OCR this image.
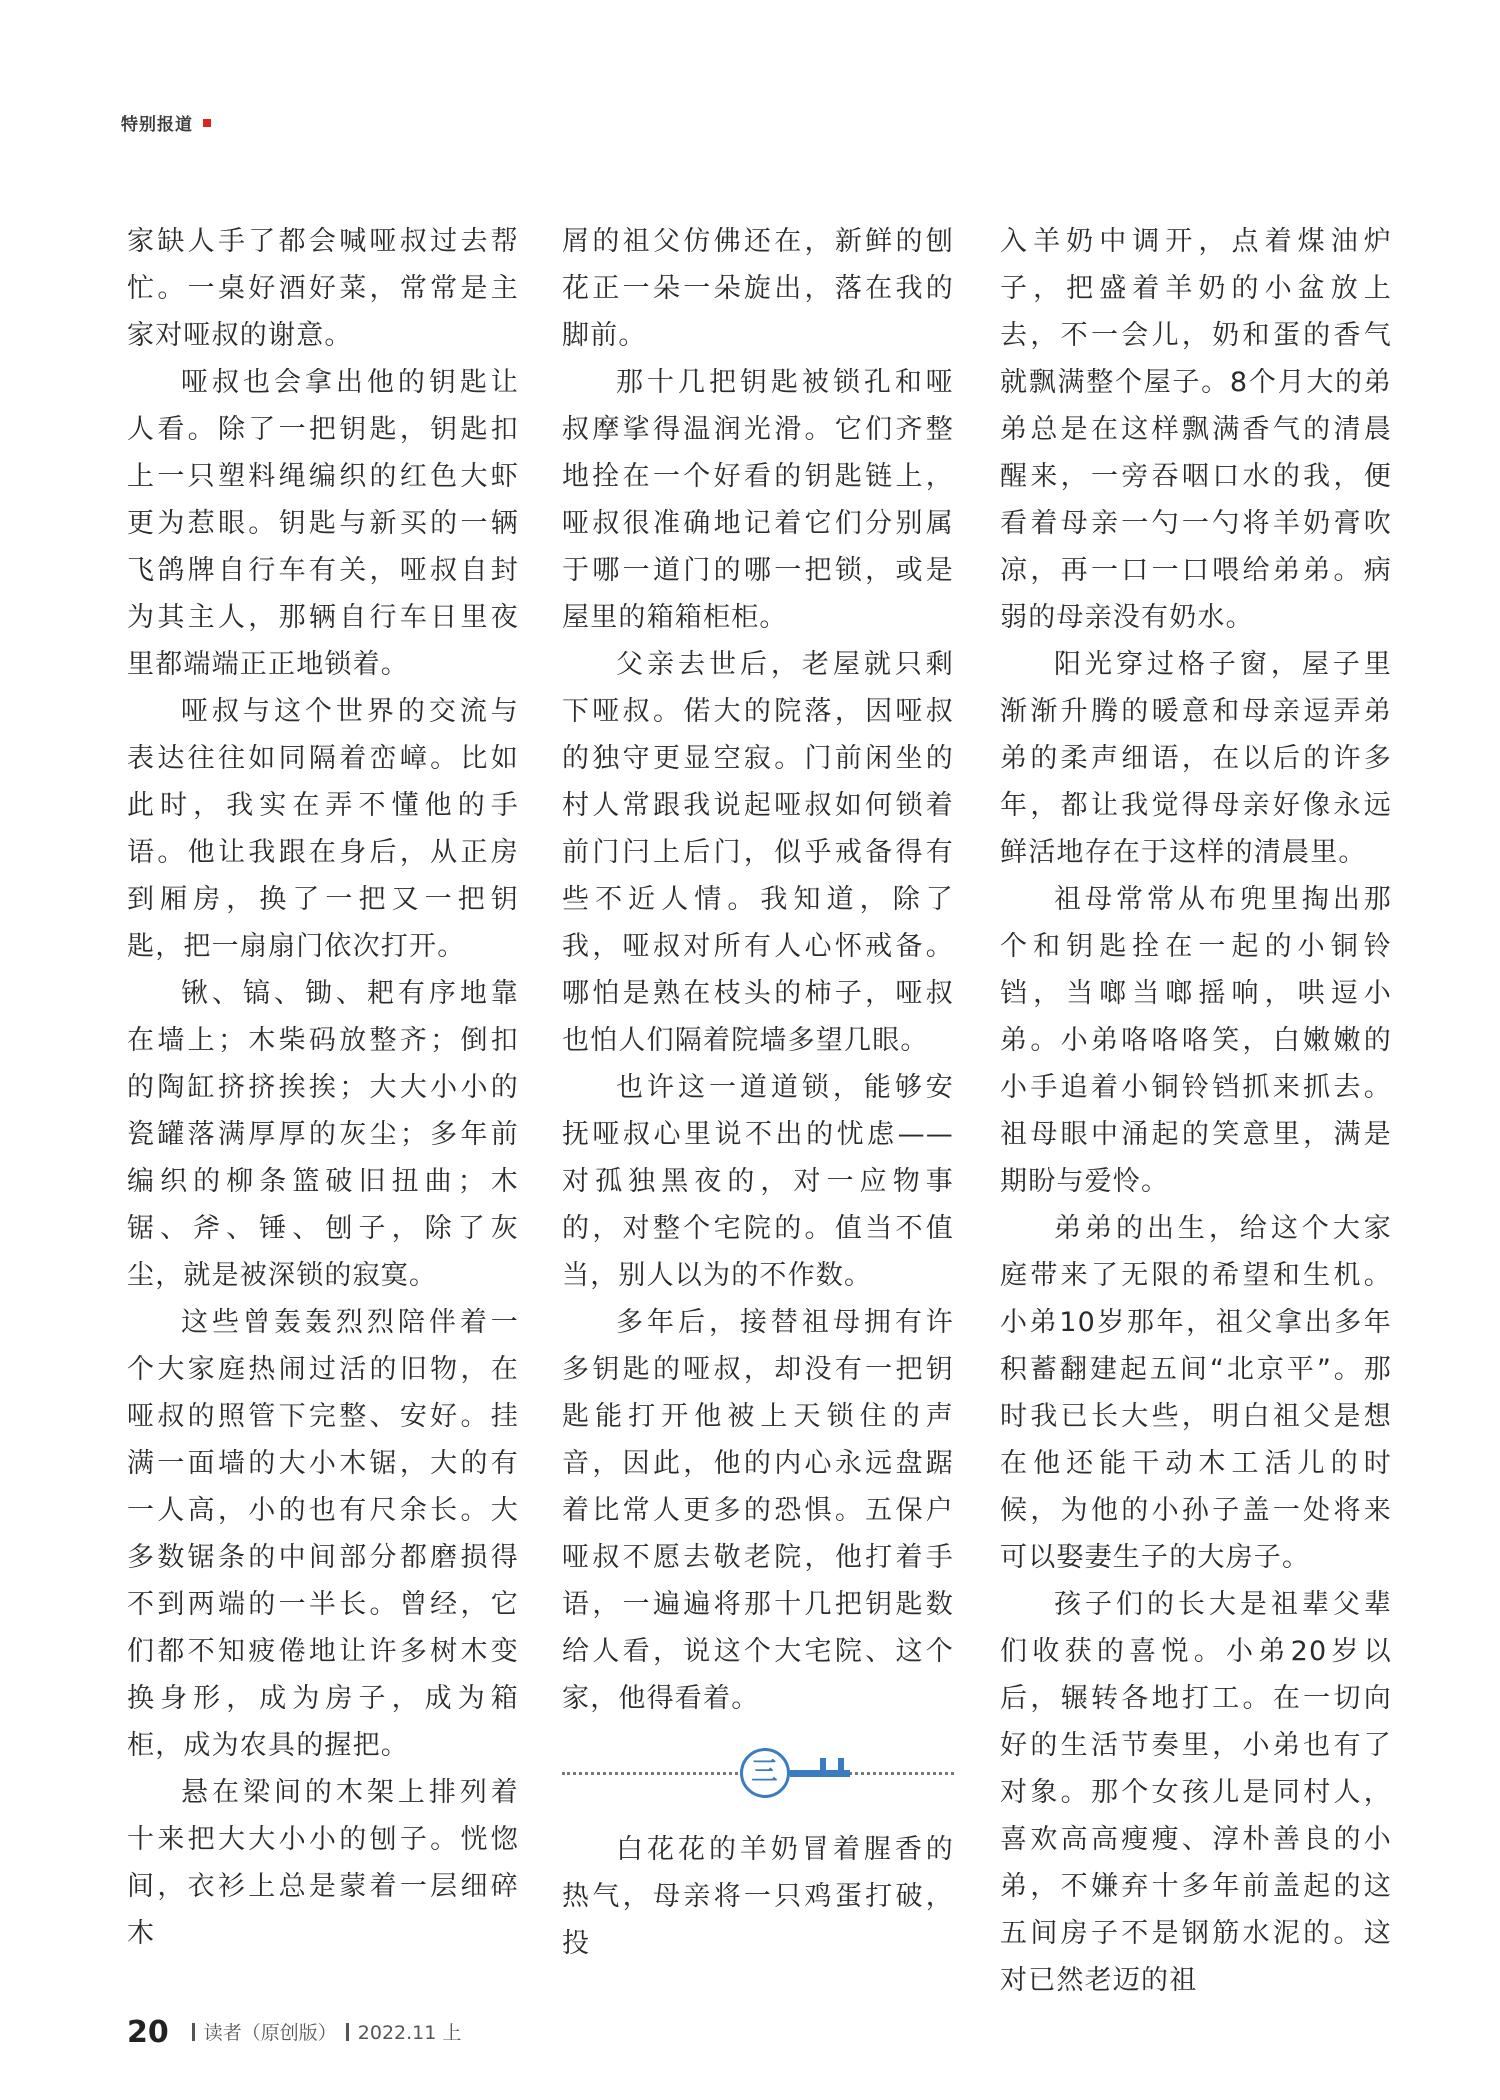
特别报道

家缺人手了都会喊哑叔过去帮忙。一桌好酒好菜，常常是主家对哑叔的谢意。

哑叔也会拿出他的钥匙让人看。除了一把钥匙，钥匙扣上一只塑料绳编织的红色大虾更为惹眼。钥匙与新买的一辆飞鸽牌自行车有关，哑叔自封为其主人，那辆自行车日里夜里都端端正正地锁着。

哑叔与这个世界的交流与表达往往如同隔着峦嶂。比如此时，我实在弄不懂他的手语。他让我跟在身后，从正房到厢房，换了一把又一把钥匙，把一扇扇门依次打开。

锹、镐、锄、耙有序地靠在墙上；木柴码放整齐；倒扣的陶缸挤挤挨挨；大大小小的瓷罐落满厚厚的灰尘；多年前编织的柳条篮破旧扭曲；木锯、斧、锤、刨子，除了灰尘，就是被深锁的寂寞。

这些曾轰轰烈烈陪伴着一个大家庭热闹过活的旧物，在哑叔的照管下完整、安好。挂满一面墙的大小木锯，大的有一人高，小的也有尺余长。大多数锯条的中间部分都磨损得不到两端的一半长。曾经，它们都不知疲倦地让许多树木变换身形，成为房子，成为箱柜，成为农具的握把。

悬在梁间的木架上排列着十来把大大小小的刨子。恍惚间，衣衫上总是蒙着一层细碎木

屑的祖父仿佛还在，新鲜的刨花正一朵一朵旋出，落在我的脚前。

那十几把钥匙被锁孔和哑叔摩挲得温润光滑。它们齐整地拴在一个好看的钥匙链上，哑叔很准确地记着它们分别属于哪一道门的哪一把锁，或是屋里的箱箱柜柜。

父亲去世后，老屋就只剩下哑叔。偌大的院落，因哑叔的独守更显空寂。门前闲坐的村人常跟我说起哑叔如何锁着前门闩上后门，似乎戒备得有些不近人情。我知道，除了我，哑叔对所有人心怀戒备。哪怕是熟在枝头的柿子，哑叔也怕人们隔着院墙多望几眼。

也许这一道道锁，能够安抚哑叔心里说不出的忧虑——对孤独黑夜的，对一应物事的，对整个宅院的。值当不值当，别人以为的不作数。

多年后，接替祖母拥有许多钥匙的哑叔，却没有一把钥匙能打开他被上天锁住的声音，因此，他的内心永远盘踞着比常人更多的恐惧。五保户哑叔不愿去敬老院，他打着手语，一遍遍将那十几把钥匙数给人看，说这个大宅院、这个家，他得看着。

三

白花花的羊奶冒着腥香的热气，母亲将一只鸡蛋打破，投

入羊奶中调开，点着煤油炉子，把盛着羊奶的小盆放上去，不一会儿，奶和蛋的香气就飘满整个屋子。8个月大的弟弟总是在这样飘满香气的清晨醒来，一旁吞咽口水的我，便看着母亲一勺一勺将羊奶膏吹凉，再一口一口喂给弟弟。病弱的母亲没有奶水。

阳光穿过格子窗，屋子里渐渐升腾的暖意和母亲逗弄弟弟的柔声细语，在以后的许多年，都让我觉得母亲好像永远鲜活地存在于这样的清晨里。

祖母常常从布兜里掏出那个和钥匙拴在一起的小铜铃铛，当啷当啷摇响，哄逗小弟。小弟咯咯咯笑，白嫩嫩的小手追着小铜铃铛抓来抓去。祖母眼中涌起的笑意里，满是期盼与爱怜。

弟弟的出生，给这个大家庭带来了无限的希望和生机。小弟10岁那年，祖父拿出多年积蓄翻建起五间“北京平”。那时我已长大些，明白祖父是想在他还能干动木工活儿的时候，为他的小孙子盖一处将来可以娶妻生子的大房子。

孩子们的长大是祖辈父辈们收获的喜悦。小弟20岁以后，辗转各地打工。在一切向好的生活节奏里，小弟也有了对象。那个女孩儿是同村人，喜欢高高瘦瘦、淳朴善良的小弟，不嫌弃十多年前盖起的这五间房子不是钢筋水泥的。这对已然老迈的祖

20 读者（原创版） 2022.11 上
